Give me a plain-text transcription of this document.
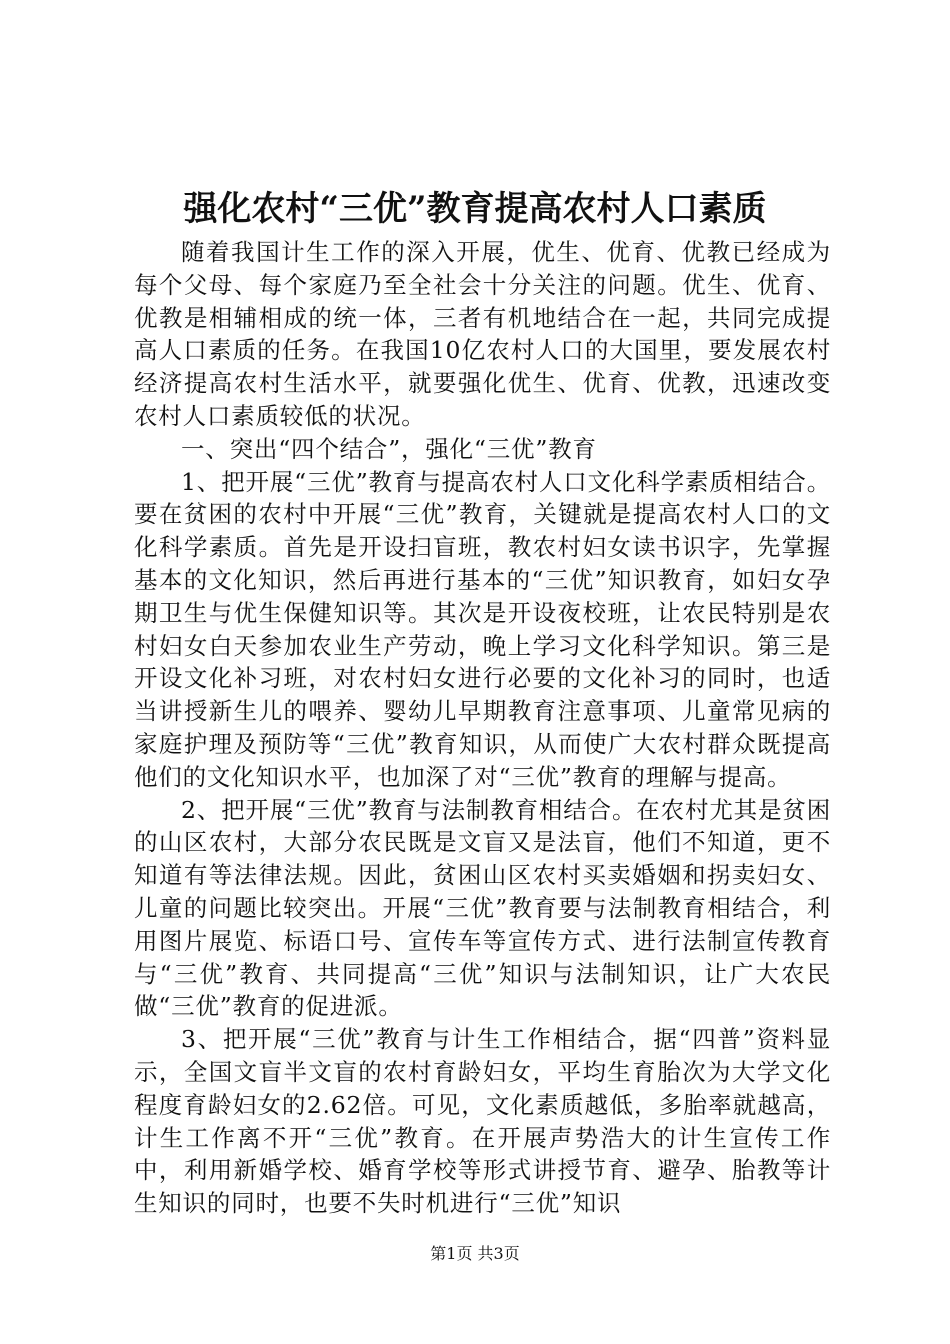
强化农村“三优”教育提高农村人口素质

随着我国计生工作的深入开展，优生、优育、优教已经成为每个父母、每个家庭乃至全社会十分关注的问题。优生、优育、优教是相辅相成的统一体，三者有机地结合在一起，共同完成提高人口素质的任务。在我国10亿农村人口的大国里，要发展农村经济提高农村生活水平，就要强化优生、优育、优教，迅速改变农村人口素质较低的状况。

一、突出“四个结合”，强化“三优”教育

1、把开展“三优”教育与提高农村人口文化科学素质相结合。要在贫困的农村中开展“三优”教育，关键就是提高农村人口的文化科学素质。首先是开设扫盲班，教农村妇女读书识字，先掌握基本的文化知识，然后再进行基本的“三优”知识教育，如妇女孕期卫生与优生保健知识等。其次是开设夜校班，让农民特别是农村妇女白天参加农业生产劳动，晚上学习文化科学知识。第三是开设文化补习班，对农村妇女进行必要的文化补习的同时，也适当讲授新生儿的喂养、婴幼儿早期教育注意事项、儿童常见病的家庭护理及预防等“三优”教育知识，从而使广大农村群众既提高他们的文化知识水平，也加深了对“三优”教育的理解与提高。

2、把开展“三优”教育与法制教育相结合。在农村尤其是贫困的山区农村，大部分农民既是文盲又是法盲，他们不知道，更不知道有等法律法规。因此，贫困山区农村买卖婚姻和拐卖妇女、儿童的问题比较突出。开展“三优”教育要与法制教育相结合，利用图片展览、标语口号、宣传车等宣传方式、进行法制宣传教育与“三优”教育、共同提高“三优”知识与法制知识，让广大农民做“三优”教育的促进派。

3、把开展“三优”教育与计生工作相结合，据“四普”资料显示，全国文盲半文盲的农村育龄妇女，平均生育胎次为大学文化程度育龄妇女的2.62倍。可见，文化素质越低，多胎率就越高，计生工作离不开“三优”教育。在开展声势浩大的计生宣传工作中，利用新婚学校、婚育学校等形式讲授节育、避孕、胎教等计生知识的同时，也要不失时机进行“三优”知识

第1页 共3页
